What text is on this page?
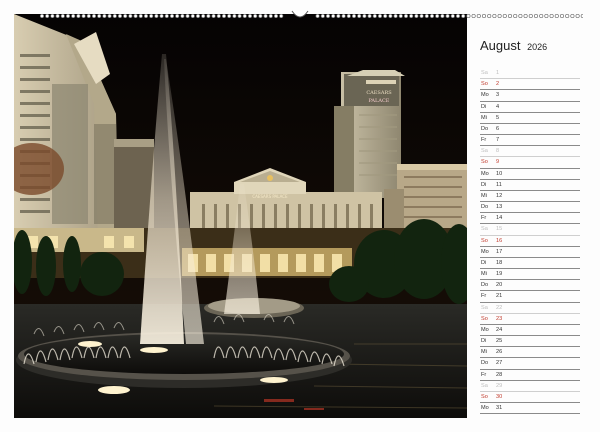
CAESARS
PALACE
CAESARS PALACE
August 2026
Sa	1
So	2
Mo	3
Di	4
Mi	5
Do	6
Fr	7
Sa	8
So	9
Mo	10
Di	11
Mi	12
Do	13
Fr	14
Sa	15
So	16
Mo	17
Di	18
Mi	19
Do	20
Fr	21
Sa	22
So	23
Mo	24
Di	25
Mi	26
Do	27
Fr	28
Sa	29
So	30
Mo	31
